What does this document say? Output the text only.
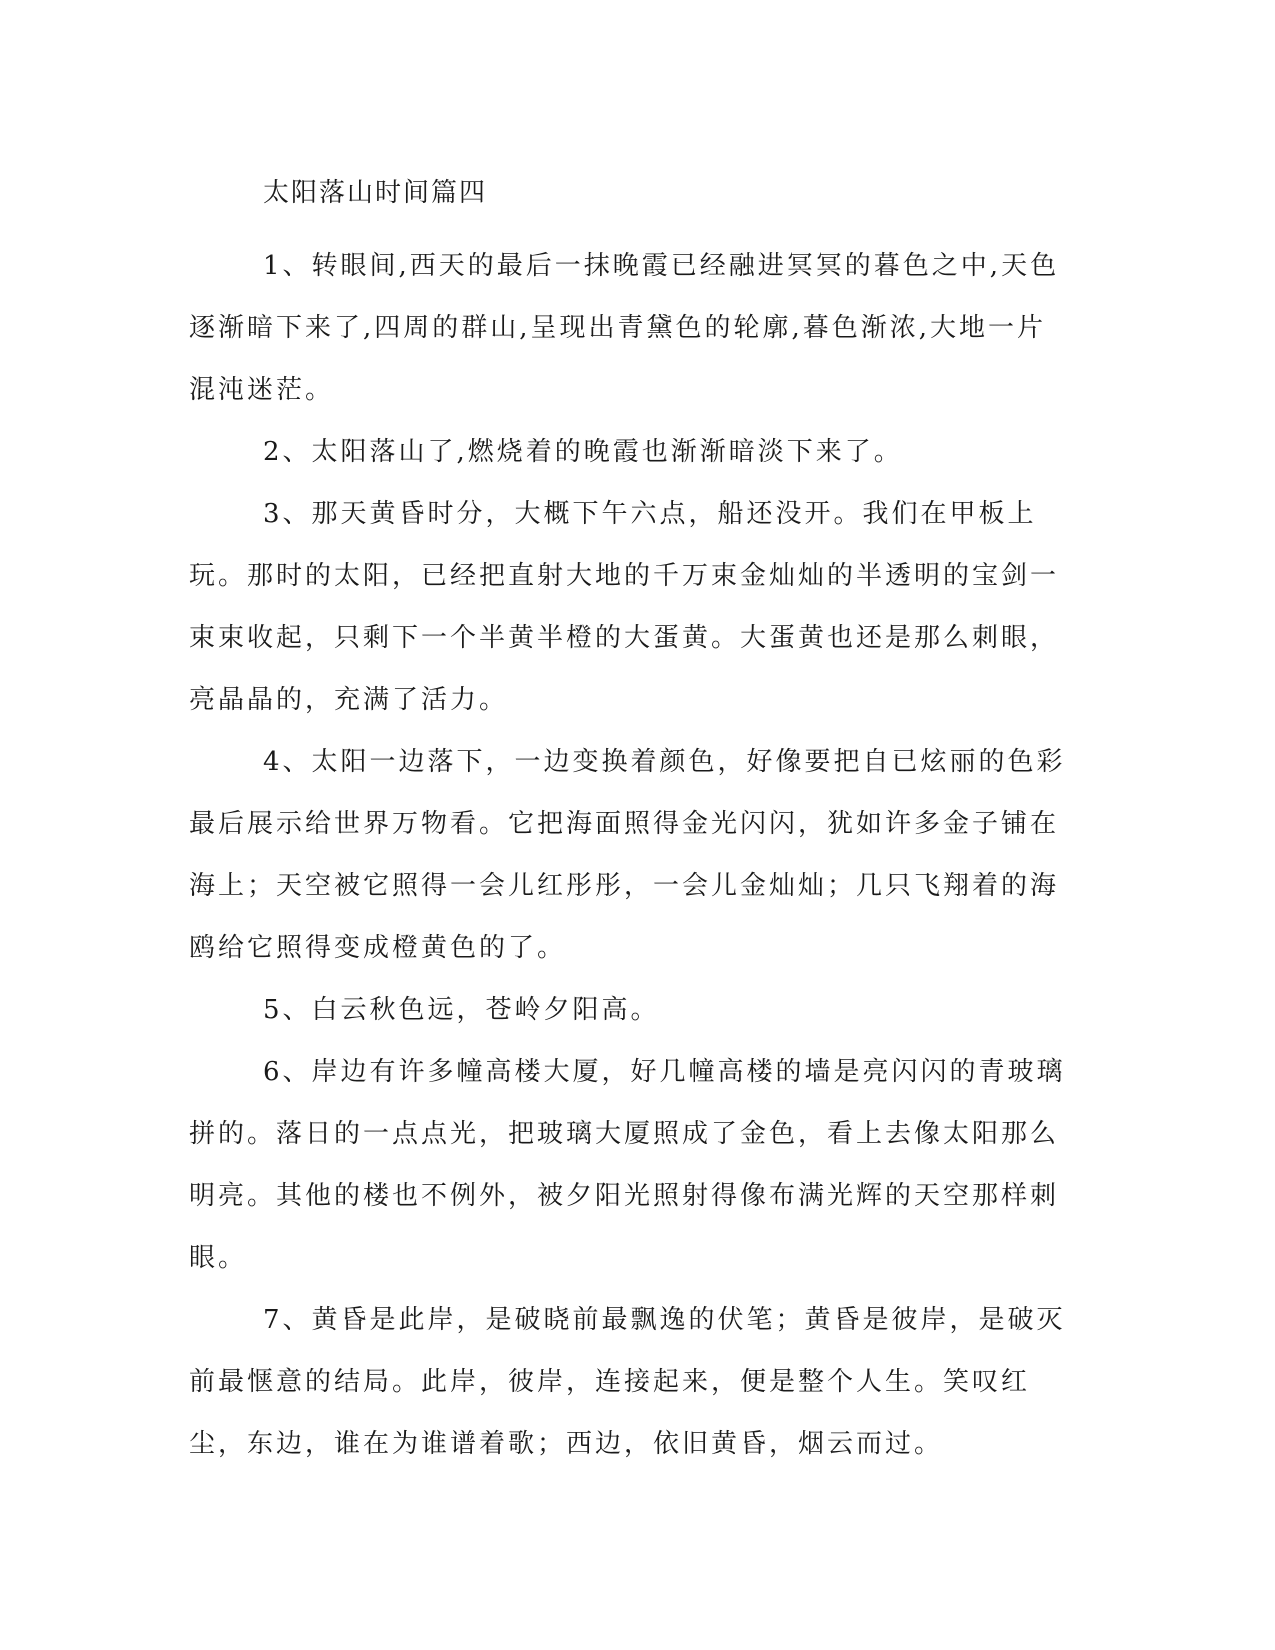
太阳落山时间篇四

1、转眼间,西天的最后一抹晚霞已经融进冥冥的暮色之中,天色逐渐暗下来了,四周的群山,呈现出青黛色的轮廓,暮色渐浓,大地一片混沌迷茫。

2、太阳落山了,燃烧着的晚霞也渐渐暗淡下来了。

3、那天黄昏时分，大概下午六点，船还没开。我们在甲板上玩。那时的太阳，已经把直射大地的千万束金灿灿的半透明的宝剑一束束收起，只剩下一个半黄半橙的大蛋黄。大蛋黄也还是那么刺眼，亮晶晶的，充满了活力。

4、太阳一边落下，一边变换着颜色，好像要把自已炫丽的色彩最后展示给世界万物看。它把海面照得金光闪闪，犹如许多金子铺在海上；天空被它照得一会儿红彤彤，一会儿金灿灿；几只飞翔着的海鸥给它照得变成橙黄色的了。

5、白云秋色远，苍岭夕阳高。

6、岸边有许多幢高楼大厦，好几幢高楼的墙是亮闪闪的青玻璃拼的。落日的一点点光，把玻璃大厦照成了金色，看上去像太阳那么明亮。其他的楼也不例外，被夕阳光照射得像布满光辉的天空那样刺眼。

7、黄昏是此岸，是破晓前最飘逸的伏笔；黄昏是彼岸，是破灭前最惬意的结局。此岸，彼岸，连接起来，便是整个人生。笑叹红尘，东边，谁在为谁谱着歌；西边，依旧黄昏，烟云而过。
